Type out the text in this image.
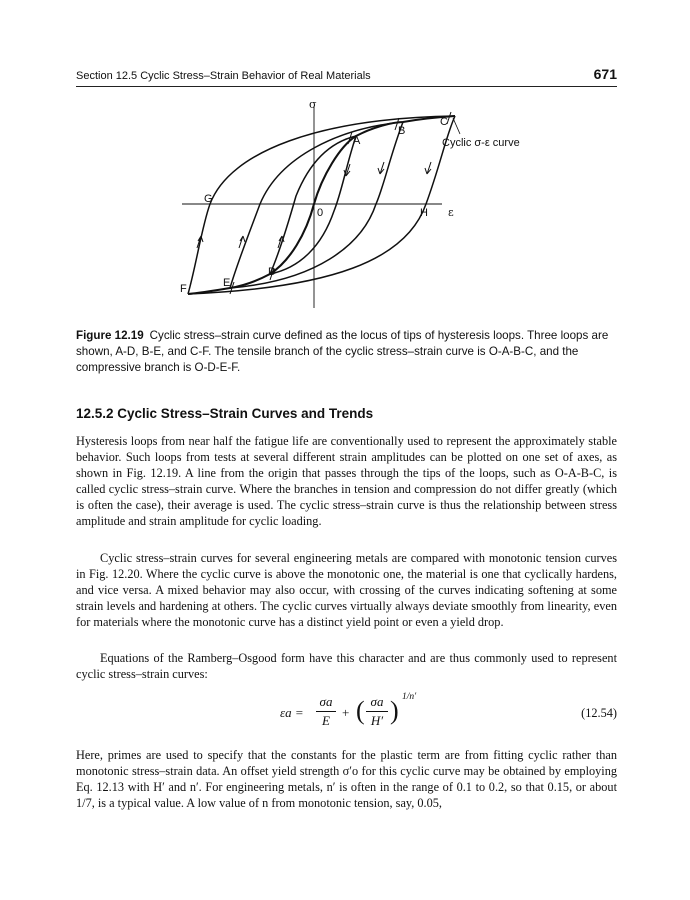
Section 12.5 Cyclic Stress–Strain Behavior of Real Materials	671
σ
ε
A
B
C
D
E
F
G
H
0
Cyclic σ-ε curve
Figure 12.19 Cyclic stress–strain curve defined as the locus of tips of hysteresis loops. Three loops are shown, A-D, B-E, and C-F. The tensile branch of the cyclic stress–strain curve is O-A-B-C, and the compressive branch is O-D-E-F.
12.5.2 Cyclic Stress–Strain Curves and Trends

Hysteresis loops from near half the fatigue life are conventionally used to represent the approximately stable behavior. Such loops from tests at several different strain amplitudes can be plotted on one set of axes, as shown in Fig. 12.19. A line from the origin that passes through the tips of the loops, such as O-A-B-C, is called cyclic stress–strain curve. Where the branches in tension and compression do not differ greatly (which is often the case), their average is used. The cyclic stress–strain curve is thus the relationship between stress amplitude and strain amplitude for cyclic loading.

Cyclic stress–strain curves for several engineering metals are compared with monotonic tension curves in Fig. 12.20. Where the cyclic curve is above the monotonic one, the material is one that cyclically hardens, and vice versa. A mixed behavior may also occur, with crossing of the curves indicating softening at some strain levels and hardening at others. The cyclic curves virtually always deviate smoothly from linearity, even for materials where the monotonic curve has a distinct yield point or even a yield drop.

Equations of the Ramberg–Osgood form have this character and are thus commonly used to represent cyclic stress–strain curves:

εa =
σa
E
+ ( σa
H′ ) 1/n′
(12.54)

Here, primes are used to specify that the constants for the plastic term are from fitting cyclic rather than monotonic stress–strain data. An offset yield strength σ′o for this cyclic curve may be obtained by employing Eq. 12.13 with H′ and n′. For engineering metals, n′ is often in the range of 0.1 to 0.2, so that 0.15, or about 1/7, is a typical value. A low value of n from monotonic tension, say, 0.05,
